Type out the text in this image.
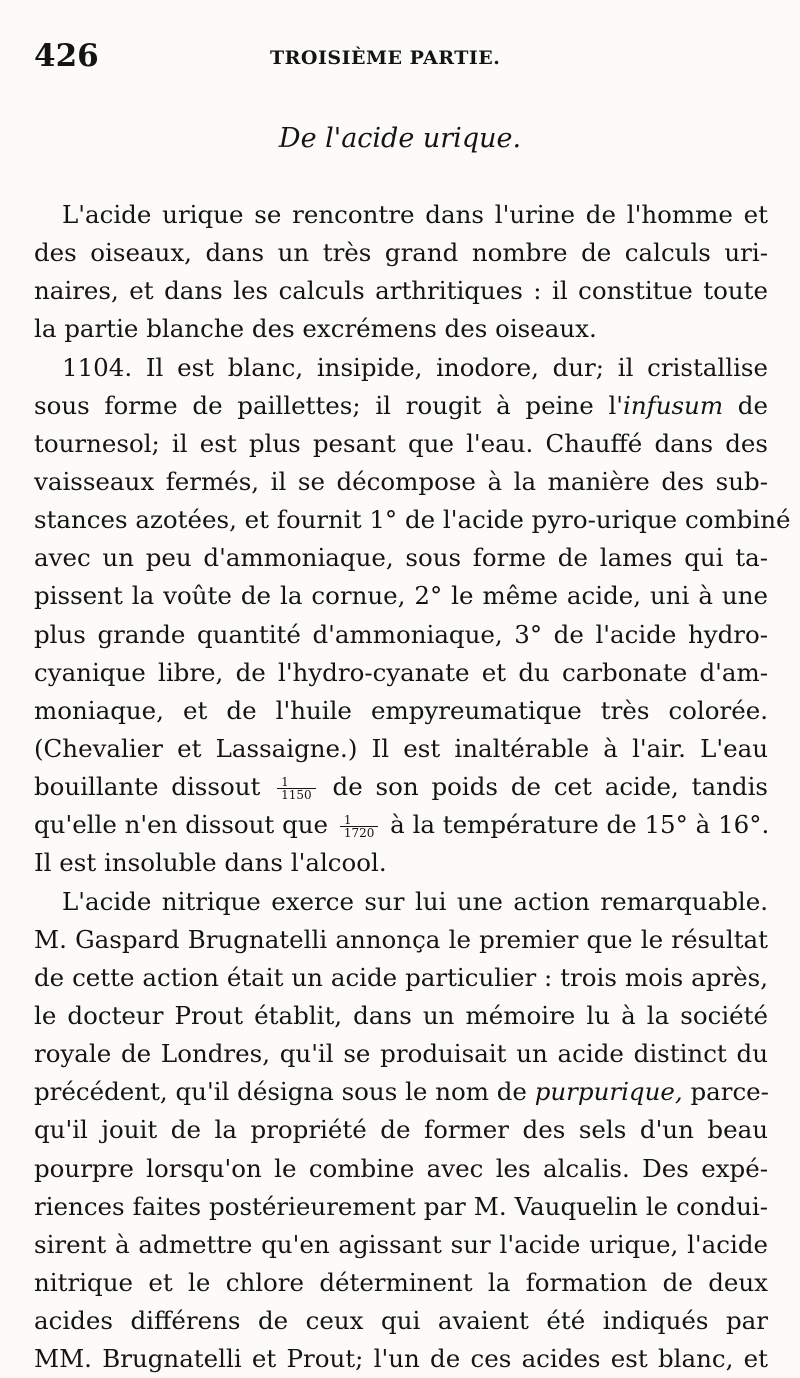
426	TROISIÈME PARTIE.
De l'acide urique.
L'acide urique se rencontre dans l'urine de l'homme et
des oiseaux, dans un très grand nombre de calculs uri-
naires, et dans les calculs arthritiques : il constitue toute
la partie blanche des excrémens des oiseaux.
1104. Il est blanc, insipide, inodore, dur; il cristallise
sous forme de paillettes; il rougit à peine l'infusum de
tournesol; il est plus pesant que l'eau. Chauffé dans des
vaisseaux fermés, il se décompose à la manière des sub-
stances azotées, et fournit 1° de l'acide pyro-urique combiné
avec un peu d'ammoniaque, sous forme de lames qui ta-
pissent la voûte de la cornue, 2° le même acide, uni à une
plus grande quantité d'ammoniaque, 3° de l'acide hydro-
cyanique libre, de l'hydro-cyanate et du carbonate d'am-
moniaque, et de l'huile empyreumatique très colorée.
(Chevalier et Lassaigne.) Il est inaltérable à l'air. L'eau
bouillante dissout $\frac{1}{1150}$ de son poids de cet acide, tandis
qu'elle n'en dissout que $\frac{1}{1720}$ à la température de 15° à 16°.
Il est insoluble dans l'alcool.
L'acide nitrique exerce sur lui une action remarquable.
M. Gaspard Brugnatelli annonça le premier que le résultat
de cette action était un acide particulier : trois mois après,
le docteur Prout établit, dans un mémoire lu à la société
royale de Londres, qu'il se produisait un acide distinct du
précédent, qu'il désigna sous le nom de purpurique, parce-
qu'il jouit de la propriété de former des sels d'un beau
pourpre lorsqu'on le combine avec les alcalis. Des expé-
riences faites postérieurement par M. Vauquelin le condui-
sirent à admettre qu'en agissant sur l'acide urique, l'acide
nitrique et le chlore déterminent la formation de deux
acides différens de ceux qui avaient été indiqués par
MM. Brugnatelli et Prout; l'un de ces acides est blanc, et
